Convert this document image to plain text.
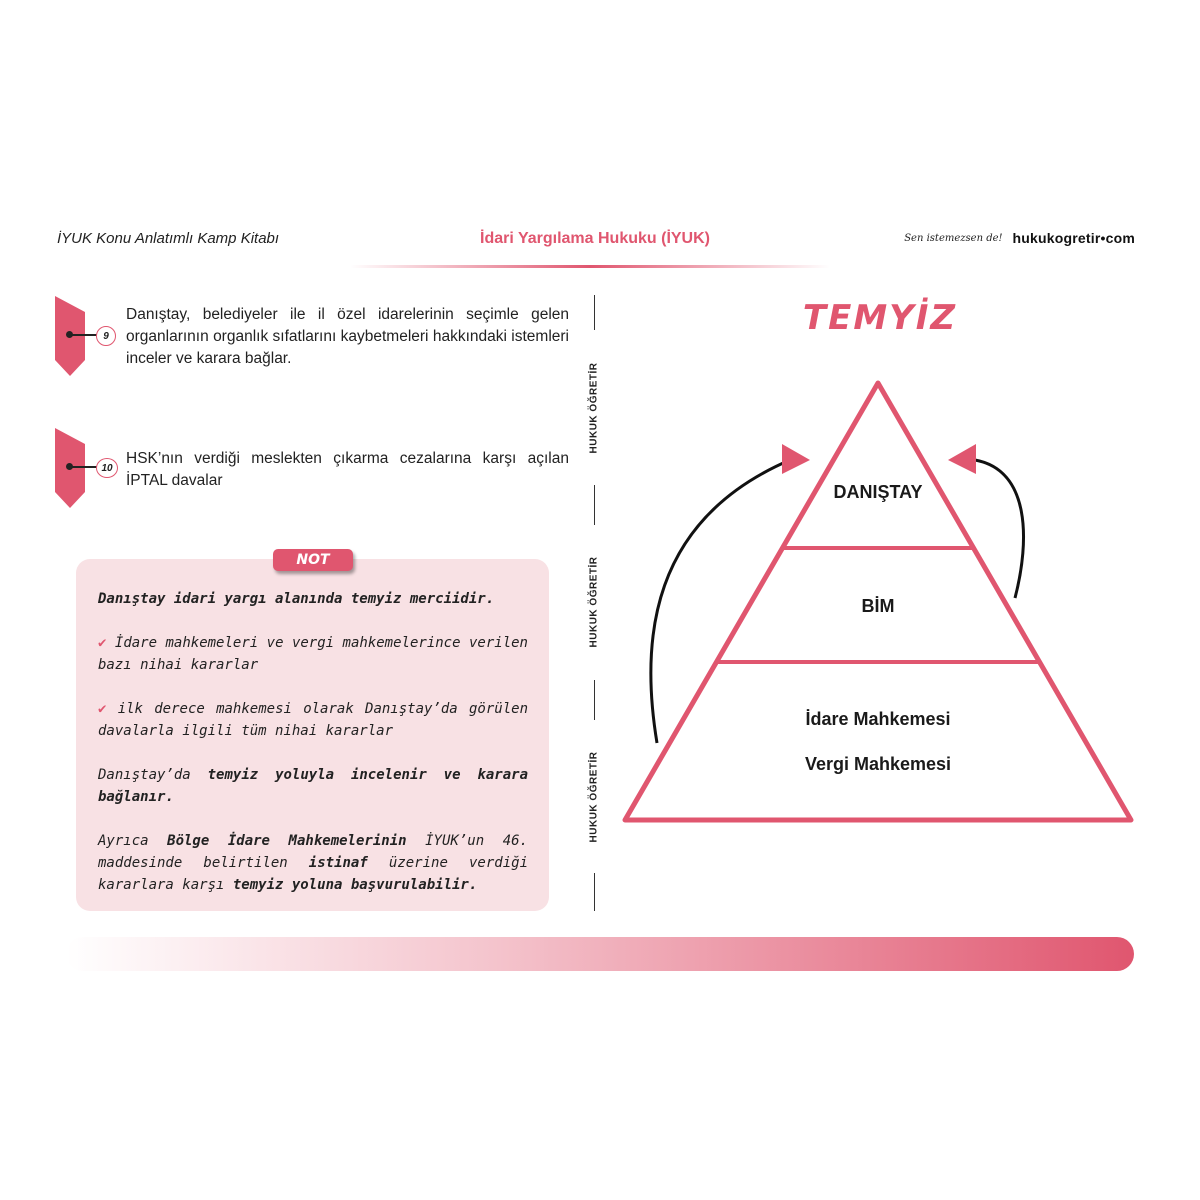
İYUK Konu Anlatımlı Kamp Kitabı	İdari Yargılama Hukuku (İYUK)	Sen istemezsen de! hukukogretir•com
9
Danıştay, belediyeler ile il özel idarelerinin seçimle gelen organlarının organlık sıfatlarını kaybetmeleri hakkındaki istemleri inceler ve karara bağlar.
10
HSK’nın verdiği meslekten çıkarma cezalarına karşı açılan İPTAL davalar
HUKUK ÖĞRETİR
HUKUK ÖĞRETİR
HUKUK ÖĞRETİR
NOT

Danıştay idari yargı alanında temyiz merciidir.

✔ İdare mahkemeleri ve vergi mahkemelerince verilen bazı nihai kararlar

✔ ilk derece mahkemesi olarak Danıştay’da görülen davalarla ilgili tüm nihai kararlar

Danıştay’da temyiz yoluyla incelenir ve karara bağlanır.

Ayrıca Bölge İdare Mahkemelerinin İYUK’un 46. maddesinde belirtilen istinaf üzerine verdiği kararlara karşı temyiz yoluna başvurulabilir.

TEMYİZ
DANIŞTAY
BİM
İdare Mahkemesi
Vergi Mahkemesi
